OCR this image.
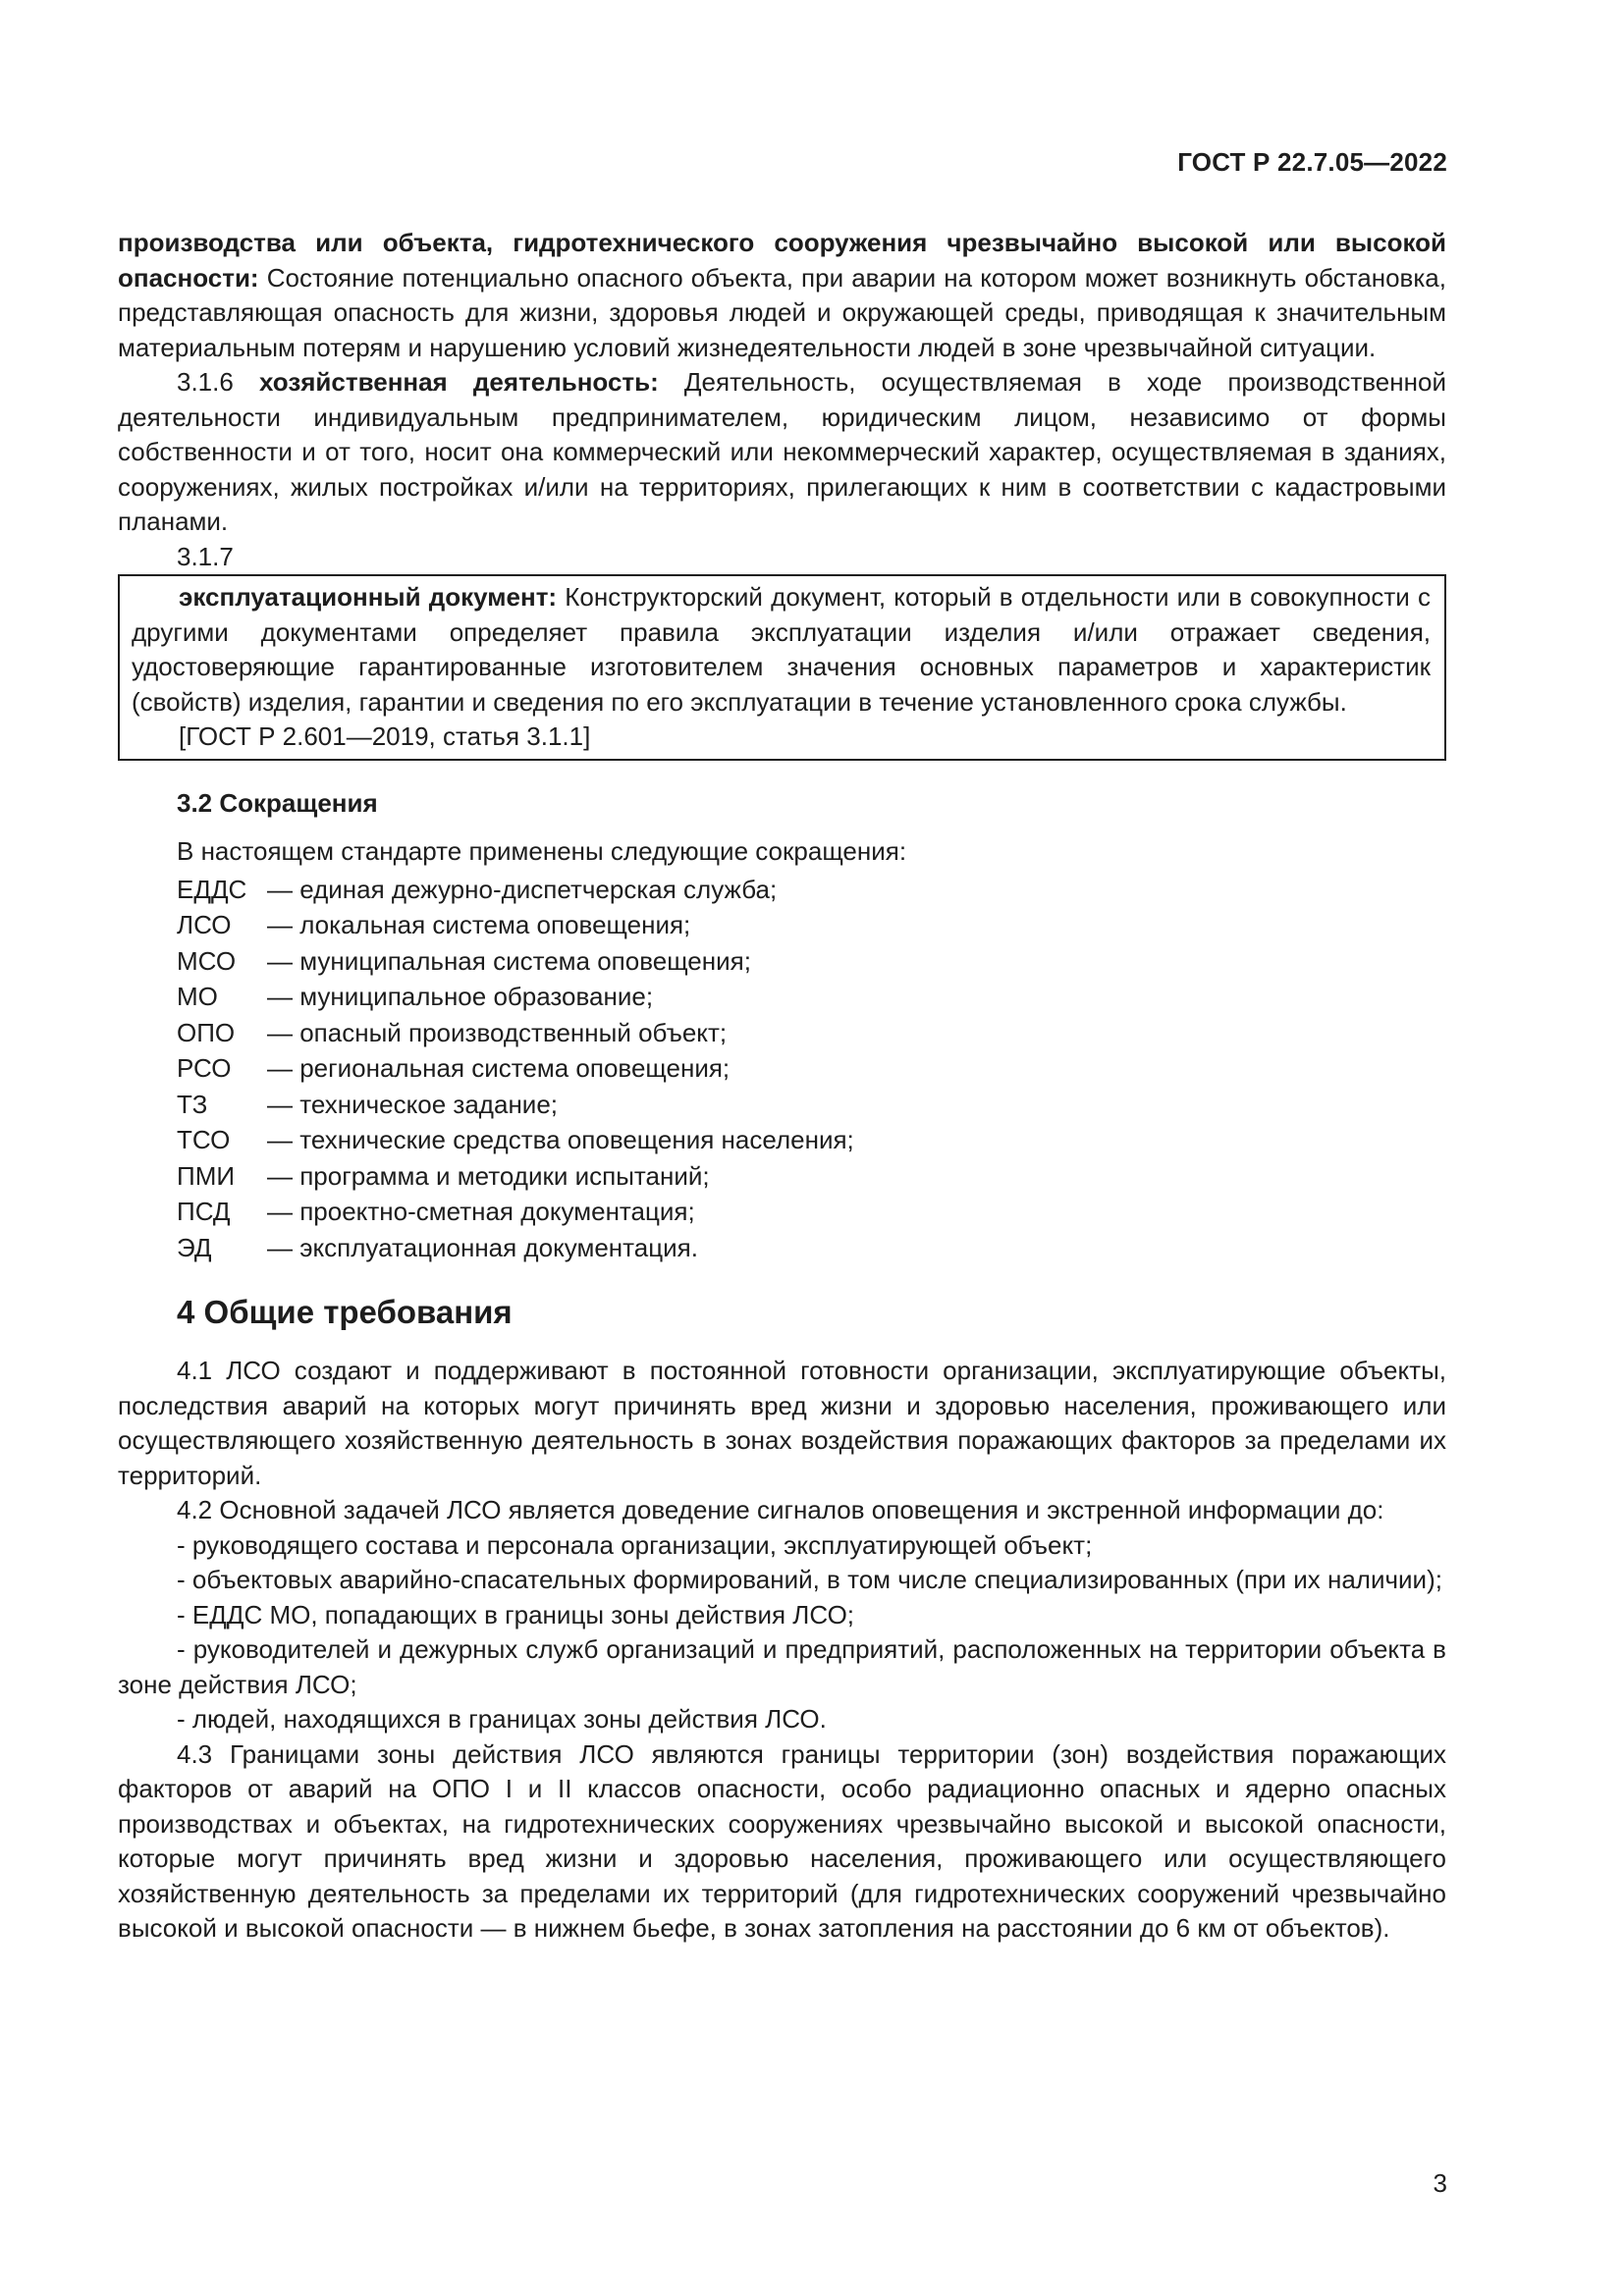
ГОСТ Р 22.7.05—2022

производства или объекта, гидротехнического сооружения чрезвычайно высокой или высокой опасности: Состояние потенциально опасного объекта, при аварии на котором может возникнуть обстановка, представляющая опасность для жизни, здоровья людей и окружающей среды, приводящая к значительным материальным потерям и нарушению условий жизнедеятельности людей в зоне чрезвычайной ситуации.

3.1.6 хозяйственная деятельность: Деятельность, осуществляемая в ходе производственной деятельности индивидуальным предпринимателем, юридическим лицом, независимо от формы собственности и от того, носит она коммерческий или некоммерческий характер, осуществляемая в зданиях, сооружениях, жилых постройках и/или на территориях, прилегающих к ним в соответствии с кадастровыми планами.

3.1.7

эксплуатационный документ: Конструкторский документ, который в отдельности или в совокупности с другими документами определяет правила эксплуатации изделия и/или отражает сведения, удостоверяющие гарантированные изготовителем значения основных параметров и характеристик (свойств) изделия, гарантии и сведения по его эксплуатации в течение установленного срока службы.

[ГОСТ Р 2.601—2019, статья 3.1.1]

3.2 Сокращения

В настоящем стандарте применены следующие сокращения:

ЕДДС — единая дежурно-диспетчерская служба;
ЛСО	— локальная система оповещения;
МСО	— муниципальная система оповещения;
МО	— муниципальное образование;
ОПО	— опасный производственный объект;
РСО	— региональная система оповещения;
ТЗ	— техническое задание;
ТСО	— технические средства оповещения населения;
ПМИ	— программа и методики испытаний;
ПСД	— проектно-сметная документация;
ЭД	— эксплуатационная документация.
4 Общие требования

4.1 ЛСО создают и поддерживают в постоянной готовности организации, эксплуатирующие объекты, последствия аварий на которых могут причинять вред жизни и здоровью населения, проживающего или осуществляющего хозяйственную деятельность в зонах воздействия поражающих факторов за пределами их территорий.

4.2 Основной задачей ЛСО является доведение сигналов оповещения и экстренной информации до:

- руководящего состава и персонала организации, эксплуатирующей объект;

- объектовых аварийно-спасательных формирований, в том числе специализированных (при их наличии);

- ЕДДС МО, попадающих в границы зоны действия ЛСО;

- руководителей и дежурных служб организаций и предприятий, расположенных на территории объекта в зоне действия ЛСО;

- людей, находящихся в границах зоны действия ЛСО.

4.3 Границами зоны действия ЛСО являются границы территории (зон) воздействия поражающих факторов от аварий на ОПО I и II классов опасности, особо радиационно опасных и ядерно опасных производствах и объектах, на гидротехнических сооружениях чрезвычайно высокой и высокой опасности, которые могут причинять вред жизни и здоровью населения, проживающего или осуществляющего хозяйственную деятельность за пределами их территорий (для гидротехнических сооружений чрезвычайно высокой и высокой опасности — в нижнем бьефе, в зонах затопления на расстоянии до 6 км от объектов).

3
